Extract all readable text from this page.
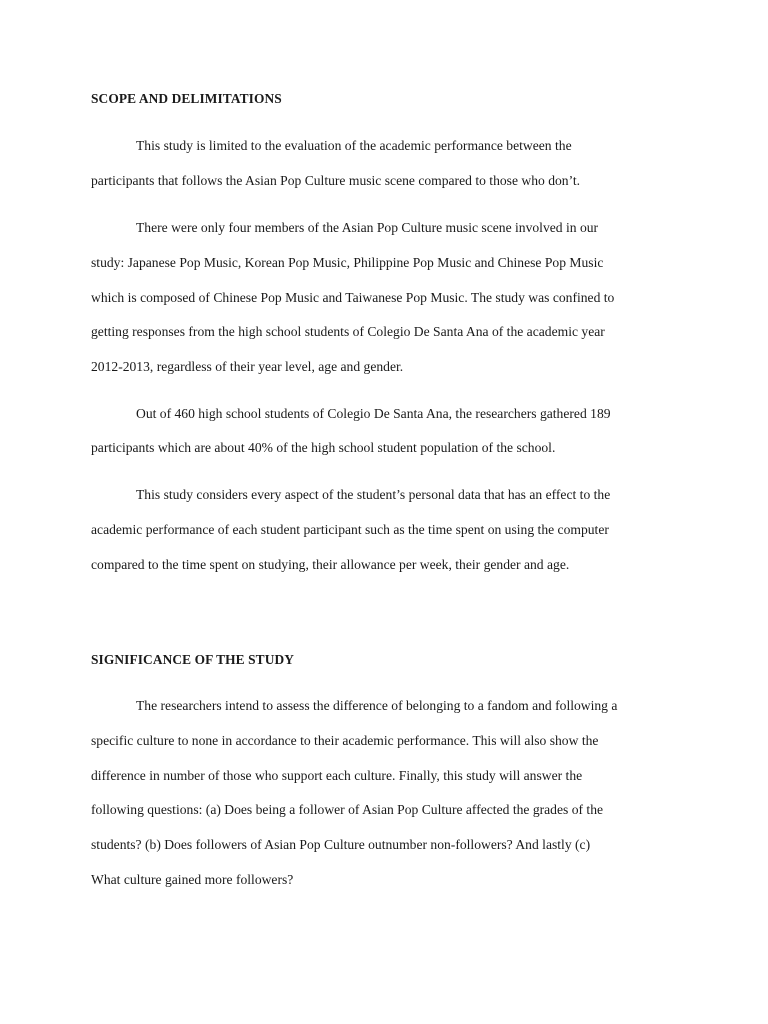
SCOPE AND DELIMITATIONS
This study is limited to the evaluation of the academic performance between the
participants that follows the Asian Pop Culture music scene compared to those who don’t.
There were only four members of the Asian Pop Culture music scene involved in our
study: Japanese Pop Music, Korean Pop Music, Philippine Pop Music and Chinese Pop Music
which is composed of Chinese Pop Music and Taiwanese Pop Music. The study was confined to
getting responses from the high school students of Colegio De Santa Ana of the academic year
2012-2013, regardless of their year level, age and gender.
Out of 460 high school students of Colegio De Santa Ana, the researchers gathered 189
participants which are about 40% of the high school student population of the school.
This study considers every aspect of the student’s personal data that has an effect to the
academic performance of each student participant such as the time spent on using the computer
compared to the time spent on studying, their allowance per week, their gender and age.
SIGNIFICANCE OF THE STUDY
The researchers intend to assess the difference of belonging to a fandom and following a
specific culture to none in accordance to their academic performance. This will also show the
difference in number of those who support each culture. Finally, this study will answer the
following questions: (a) Does being a follower of Asian Pop Culture affected the grades of the
students? (b) Does followers of Asian Pop Culture outnumber non-followers? And lastly (c)
What culture gained more followers?
